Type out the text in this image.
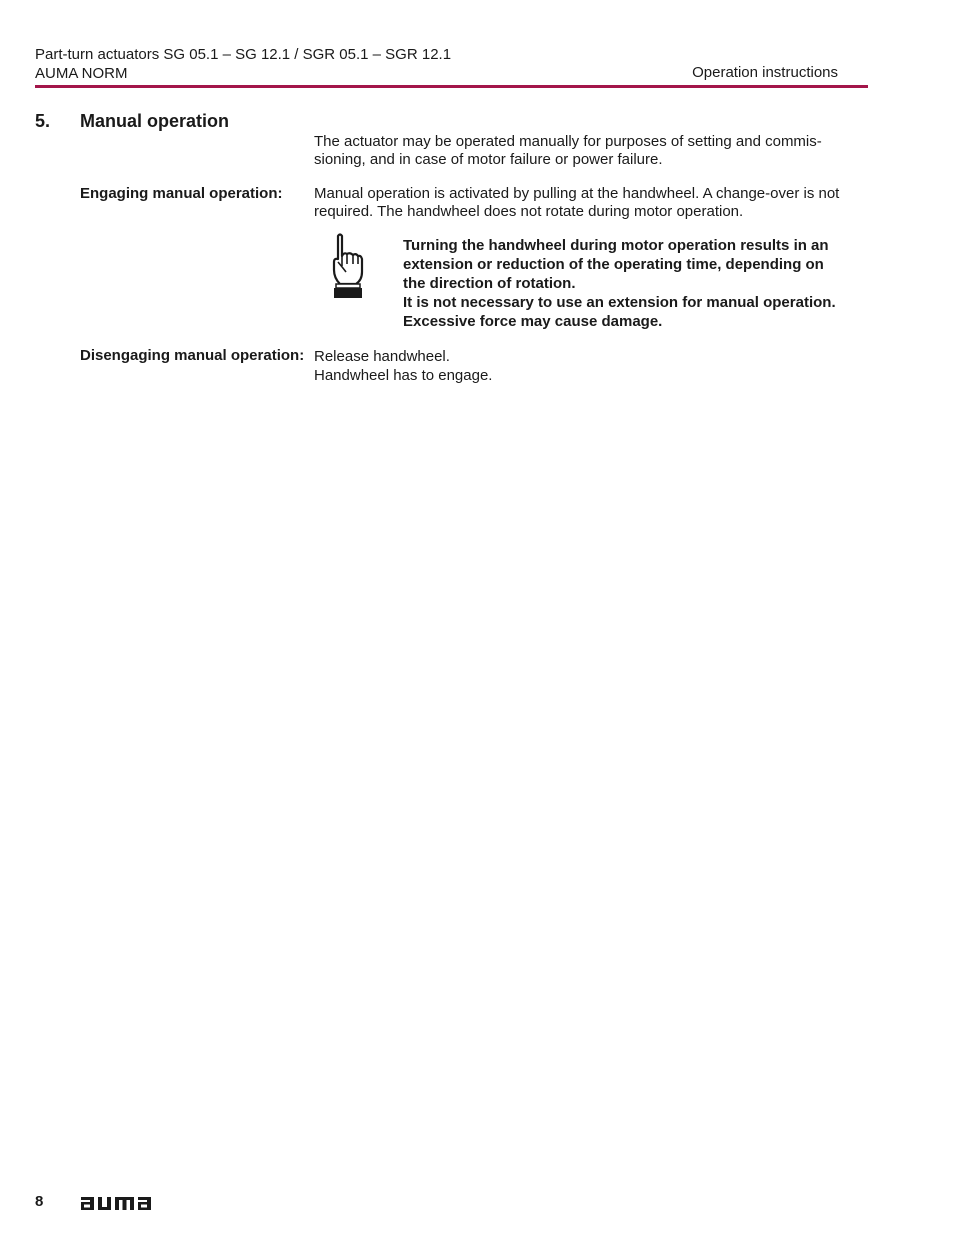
Part-turn actuators SG 05.1 – SG 12.1 / SGR 05.1 – SGR 12.1
AUMA NORM	Operation instructions
5. Manual operation
The actuator may be operated manually for purposes of setting and commis-
sioning, and in case of motor failure or power failure.
Engaging manual operation: Manual operation is activated by pulling at the handwheel. A change-over is not
required. The handwheel does not rotate during motor operation.
Turning the handwheel during motor operation results in an
extension or reduction of the operating time, depending on
the direction of rotation.
It is not necessary to use an extension for manual operation.
Excessive force may cause damage.
Disengaging manual operation: Release handwheel.
Handwheel has to engage.
8
